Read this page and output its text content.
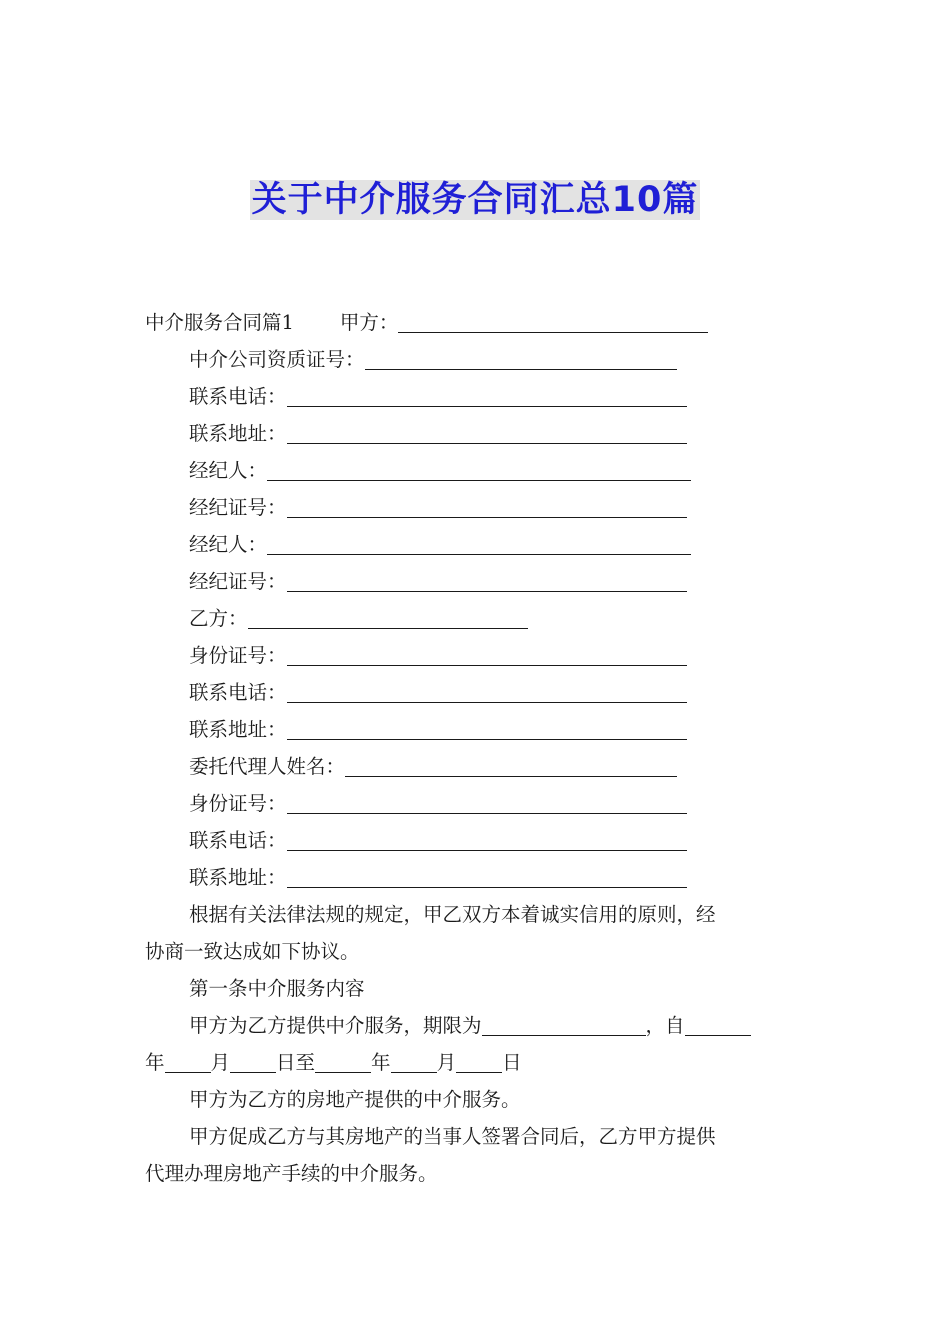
关于中介服务合同汇总10篇
中介服务合同篇1 甲方：
中介公司资质证号：
联系电话：
联系地址：
经纪人：
经纪证号：
经纪人：
经纪证号：
乙方：
身份证号：
联系电话：
联系地址：
委托代理人姓名：
身份证号：
联系电话：
联系地址：
根据有关法律法规的规定，甲乙双方本着诚实信用的原则，经
协商一致达成如下协议。
第一条中介服务内容
甲方为乙方提供中介服务，期限为	，自
年 月 日至	年 月 日
甲方为乙方的房地产提供的中介服务。
甲方促成乙方与其房地产的当事人签署合同后，乙方甲方提供
代理办理房地产手续的中介服务。
